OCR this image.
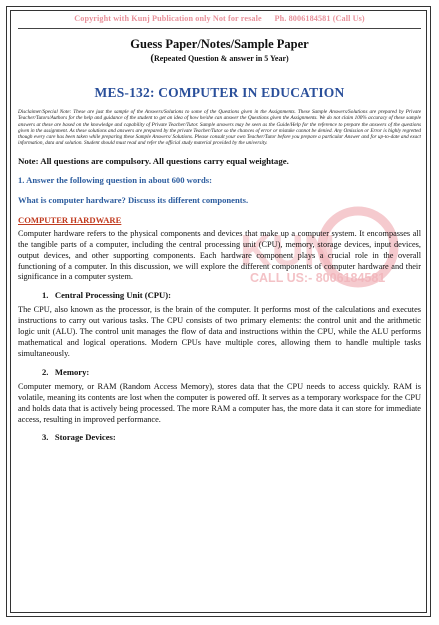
KUN
CALL US:- 8006184581
Copyright with Kunj Publication only Not for resale      Ph. 8006184581 (Call Us)
Guess Paper/Notes/Sample Paper
(Repeated Question & answer in 5 Year)
MES-132: COMPUTER IN EDUCATION
Disclaimer/Special Note: These are just the sample of the Answers/Solutions to some of the Questions given in the Assignments. These Sample Answers/Solutions are prepared by Private Teacher/Tutors/Authors for the help and guidance of the student to get an idea of how he/she can answer the Questions given the Assignments. We do not claim 100% accuracy of these sample answers at these are based on the knowledge and capability of Private Teacher/Tutor. Sample answers may be seen as the Guide/Help for the reference to prepare the answers of the questions given in the assignment. As these solutions and answers are prepared by the private Teacher/Tutor so the chances of error or mistake cannot be denied. Any Omission or Error is highly regretted though every care has been taken while preparing these Sample Answers/ Solutions. Please consult your own Teacher/Tutor before you prepare a particular Answer and for up-to-date and exact information, data and solution. Student should must read and refer the official study material provided by the university.
Note: All questions are compulsory. All questions carry equal weightage.
1. Answer the following question in about 600 words:
What is computer hardware? Discuss its different components.
COMPUTER HARDWARE
Computer hardware refers to the physical components and devices that make up a computer system. It encompasses all the tangible parts of a computer, including the central processing unit (CPU), memory, storage devices, input devices, output devices, and other supporting components. Each hardware component plays a crucial role in the overall functioning of a computer. In this discussion, we will explore the different components of computer hardware and their significance in a computer system.
1.   Central Processing Unit (CPU):
The CPU, also known as the processor, is the brain of the computer. It performs most of the calculations and executes instructions to carry out various tasks. The CPU consists of two primary elements: the control unit and the arithmetic logic unit (ALU). The control unit manages the flow of data and instructions within the CPU, while the ALU performs mathematical and logical operations. Modern CPUs have multiple cores, allowing them to handle multiple tasks simultaneously.
2.   Memory:
Computer memory, or RAM (Random Access Memory), stores data that the CPU needs to access quickly. RAM is volatile, meaning its contents are lost when the computer is powered off. It serves as a temporary workspace for the CPU and holds data that is actively being processed. The more RAM a computer has, the more data it can store for immediate access, resulting in improved performance.
3.   Storage Devices:
